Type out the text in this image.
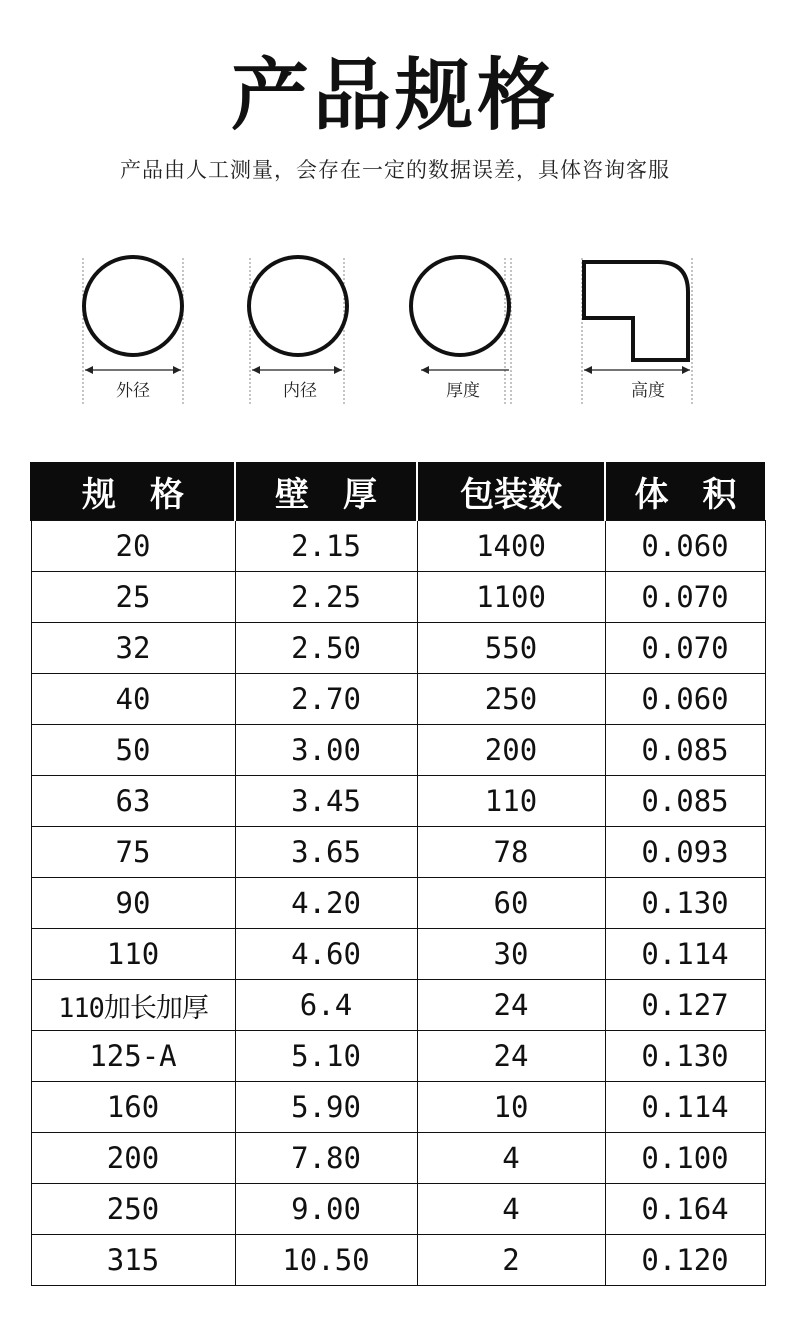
产品规格
产品由人工测量，会存在一定的数据误差，具体咨询客服
外径	内径	厚度	高度
规　格	壁　厚	包装数	体　积
20	2.15	1400	0.060
25	2.25	1100	0.070
32	2.50	550	0.070
40	2.70	250	0.060
50	3.00	200	0.085
63	3.45	110	0.085
75	3.65	78	0.093
90	4.20	60	0.130
110	4.60	30	0.114
110加长加厚	6.4	24	0.127
125-A	5.10	24	0.130
160	5.90	10	0.114
200	7.80	4	0.100
250	9.00	4	0.164
315	10.50	2	0.120
